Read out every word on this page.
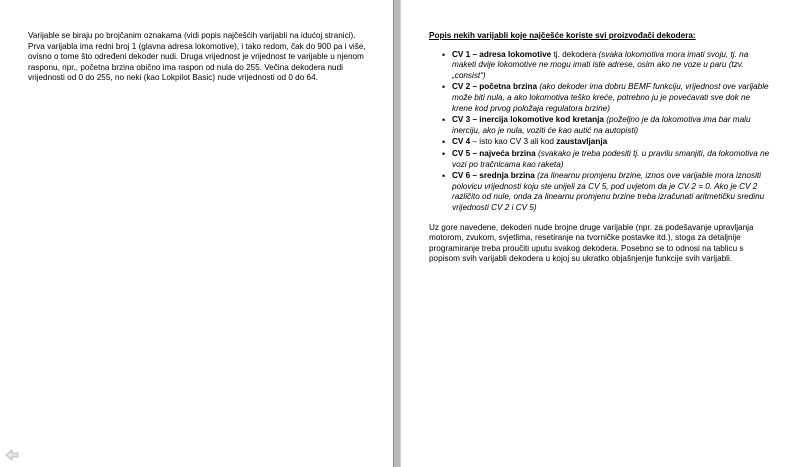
Varijable se biraju po brojčanim oznakama (vidi popis najčešćih varijabli na idućoj stranici). Prva varijabla ima redni broj 1 (glavna adresa lokomotive), i tako redom, čak do 900 pa i više, ovisno o tome što određeni dekoder nudi. Druga vrijednost je vrijednost te varijable u njenom rasponu, npr., početna brzina obično ima raspon od nula do 255. Večina dekodera nudi vrijednosti od 0 do 255, no neki (kao Lokpilot Basic) nude vrijednosti od 0 do 64.
Popis nekih varijabli koje najčešće koriste svi proizvođači dekodera:
• CV 1 – adresa lokomotive tj. dekodera (svaka lokomotiva mora imati svoju, tj. na maketi dvije lokomotive ne mogu imati iste adrese, osim ako ne voze u paru (tzv. „consist“)
• CV 2 – početna brzina (ako dekoder ima dobru BEMF funkciju, vrijednost ove varijable može biti nula, a ako lokomotiva teško kreće, potrebno ju je povećavati sve dok ne krene kod prvog položaja regulatora brzine)
• CV 3 – inercija lokomotive kod kretanja (poželjno je da lokomotiva ima bar malu inerciju, ako je nula, voziti će kao autić na autopisti)
• CV 4 – isto kao CV 3 ali kod zaustavljanja
• CV 5 – najveća brzina (svakako je treba podesiti tj. u pravilu smanjiti, da lokomotiva ne vozi po tračnicama kao raketa)
• CV 6 – srednja brzina (za linearnu promjenu brzine, iznos ove varijable mora iznositi polovicu vrijednosti koju ste unijeli za CV 5, pod uvjetom da je CV 2 = 0. Ako je CV 2 različito od nule, onda za linearnu promjenu brzine treba izračunati aritmetičku sredinu vrijednosti CV 2 i CV 5)
Uz gore navedene, dekoderi nude brojne druge varijable (npr. za podešavanje upravljanja motorom, zvukom, svjetlima, resetiranje na tvorničke postavke itd.), stoga za detaljnije programiranje treba proučiti uputu svakog dekodera. Posebno se to odnosi na tablicu s popisom svih varijabli dekodera u kojoj su ukratko objašnjenje funkcije svih varijabli.
